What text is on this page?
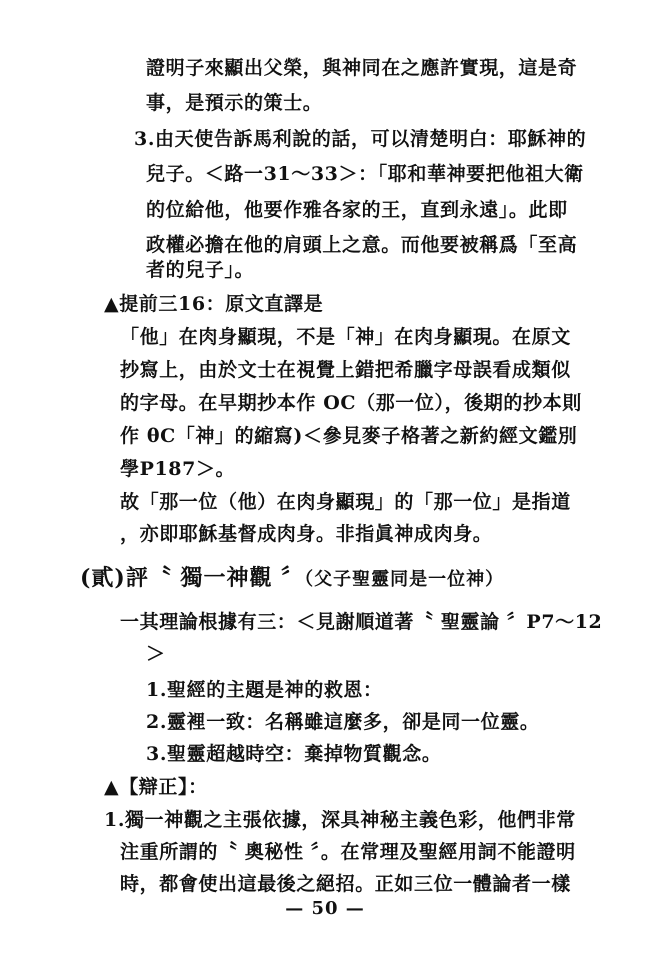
證明子來顯出父榮，與神同在之應許實現，這是奇
事，是預示的策士。
3.由天使告訴馬利說的話，可以清楚明白：耶穌神的
兒子。＜路一31～33＞：「耶和華神要把他祖大衛
的位給他，他要作雅各家的王，直到永遠」。此即
政權必擔在他的肩頭上之意。而他要被稱爲「至高
者的兒子」。
▲提前三16：原文直譯是
「他」在肉身顯現，不是「神」在肉身顯現。在原文
抄寫上，由於文士在視覺上錯把希臘字母誤看成類似
的字母。在早期抄本作 OC（那一位），後期的抄本則
作 θC「神」的縮寫)＜參見麥子格著之新約經文鑑別
學P187＞。
故「那一位（他）在肉身顯現」的「那一位」是指道
，亦即耶穌基督成肉身。非指眞神成肉身。
(貳)評〝 獨一神觀 〞（父子聖靈同是一位神）
一其理論根據有三：＜見謝順道著〝 聖靈論 〞P7～12
＞
1.聖經的主題是神的救恩：
2.靈裡一致：名稱雖這麼多，卻是同一位靈。
3.聖靈超越時空：棄掉物質觀念。
▲【辯正】：
1.獨一神觀之主張依據，深具神秘主義色彩，他們非常
注重所謂的〝 奧秘性 〞。在常理及聖經用詞不能證明
時，都會使出這最後之絕招。正如三位一體論者一樣
— 50 —
